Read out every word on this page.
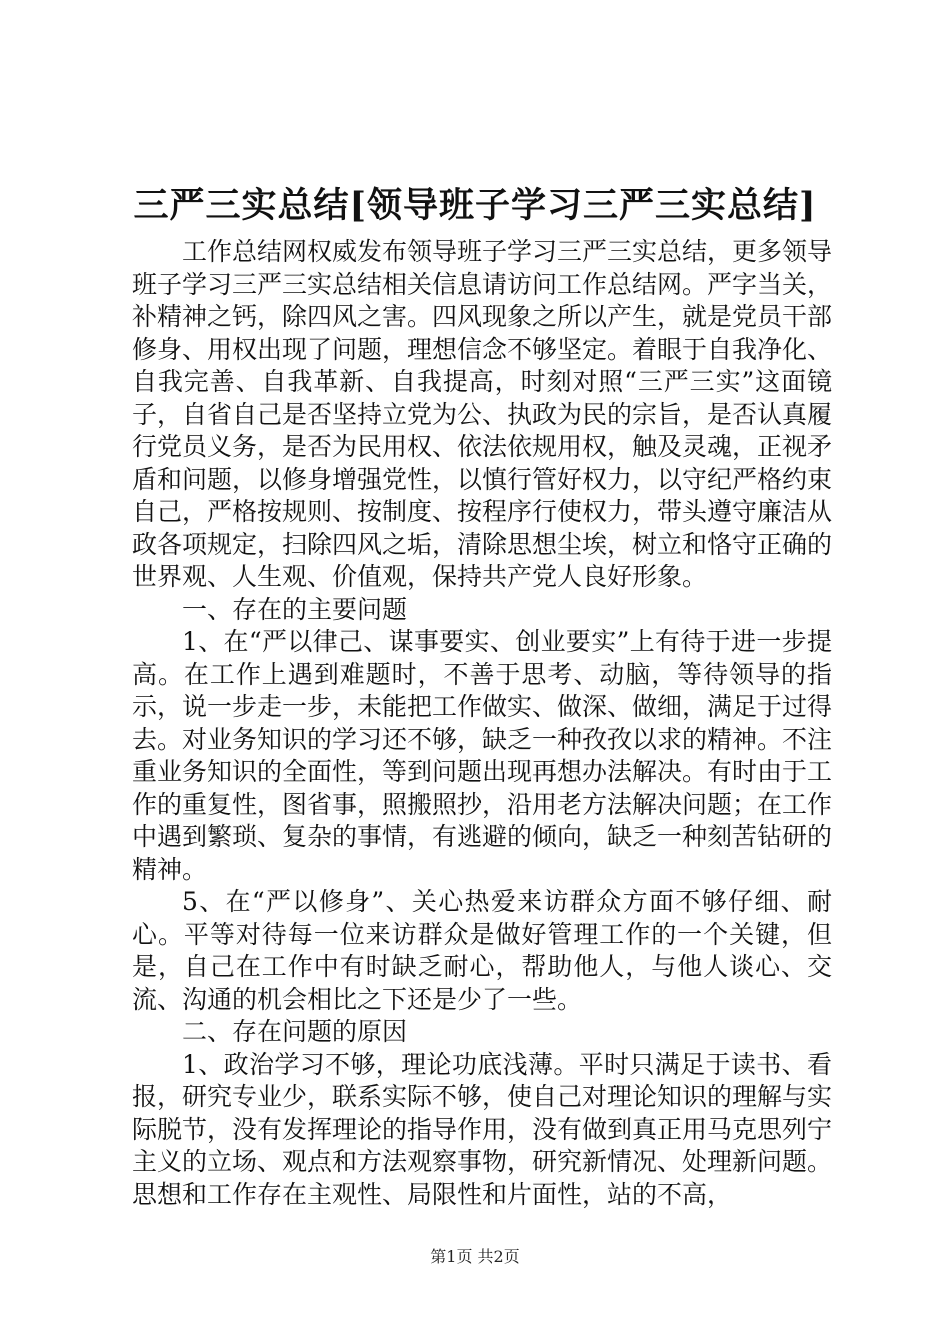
三严三实总结[领导班子学习三严三实总结]

工作总结网权威发布领导班子学习三严三实总结，更多领导班子学习三严三实总结相关信息请访问工作总结网。严字当关，补精神之钙，除四风之害。四风现象之所以产生，就是党员干部修身、用权出现了问题，理想信念不够坚定。着眼于自我净化、自我完善、自我革新、自我提高，时刻对照“三严三实”这面镜子，自省自己是否坚持立党为公、执政为民的宗旨，是否认真履行党员义务，是否为民用权、依法依规用权，触及灵魂，正视矛盾和问题，以修身增强党性，以慎行管好权力，以守纪严格约束自己，严格按规则、按制度、按程序行使权力，带头遵守廉洁从政各项规定，扫除四风之垢，清除思想尘埃，树立和恪守正确的世界观、人生观、价值观，保持共产党人良好形象。

一、存在的主要问题

1、在“严以律己、谋事要实、创业要实”上有待于进一步提高。在工作上遇到难题时，不善于思考、动脑，等待领导的指示，说一步走一步，未能把工作做实、做深、做细，满足于过得去。对业务知识的学习还不够，缺乏一种孜孜以求的精神。不注重业务知识的全面性，等到问题出现再想办法解决。有时由于工作的重复性，图省事，照搬照抄，沿用老方法解决问题；在工作中遇到繁琐、复杂的事情，有逃避的倾向，缺乏一种刻苦钻研的精神。

5、在“严以修身”、关心热爱来访群众方面不够仔细、耐心。平等对待每一位来访群众是做好管理工作的一个关键，但是，自己在工作中有时缺乏耐心，帮助他人，与他人谈心、交流、沟通的机会相比之下还是少了一些。

二、存在问题的原因

1、政治学习不够，理论功底浅薄。平时只满足于读书、看报，研究专业少，联系实际不够，使自己对理论知识的理解与实际脱节，没有发挥理论的指导作用，没有做到真正用马克思列宁主义的立场、观点和方法观察事物，研究新情况、处理新问题。思想和工作存在主观性、局限性和片面性，站的不高，

第1页 共2页
